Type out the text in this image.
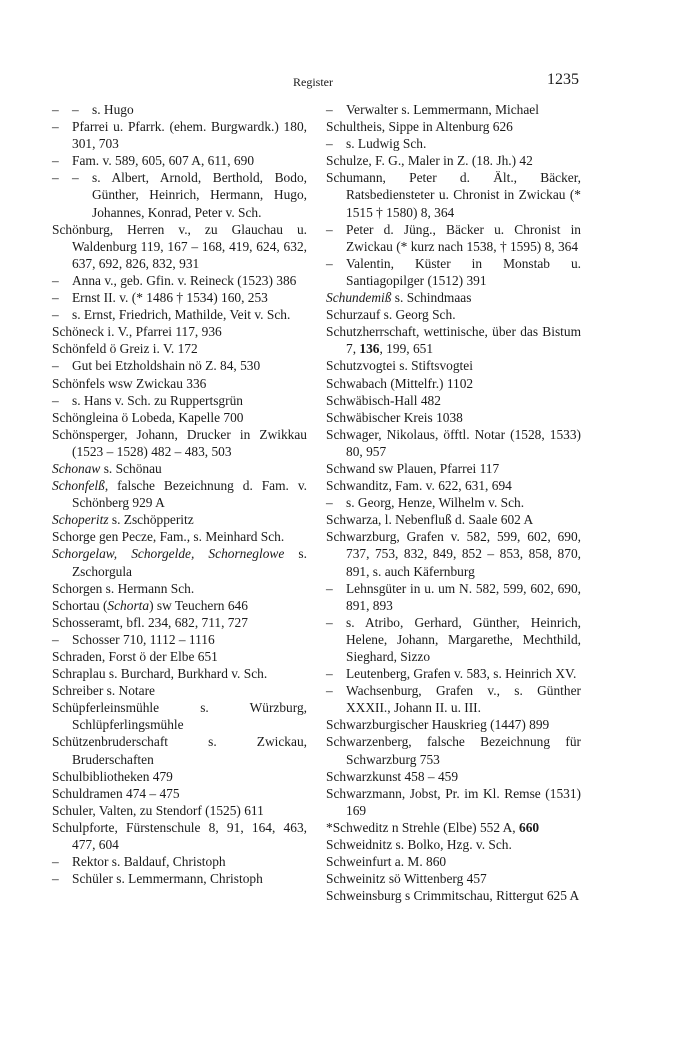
Register	1235
– – s. Hugo
– Pfarrei u. Pfarrk. (ehem. Burgwardk.) 180, 301, 703
– Fam. v. 589, 605, 607 A, 611, 690
– – s. Albert, Arnold, Berthold, Bodo, Günther, Heinrich, Hermann, Hugo, Johannes, Konrad, Peter v. Sch.
Schönburg, Herren v., zu Glauchau u. Waldenburg 119, 167 – 168, 419, 624, 632, 637, 692, 826, 832, 931
– Anna v., geb. Gfin. v. Reineck (1523) 386
– Ernst II. v. (* 1486 † 1534) 160, 253
– s. Ernst, Friedrich, Mathilde, Veit v. Sch.
Schöneck i. V., Pfarrei 117, 936
Schönfeld ö Greiz i. V. 172
– Gut bei Etzholdshain nö Z. 84, 530
Schönfels wsw Zwickau 336
– s. Hans v. Sch. zu Ruppertsgrün
Schöngleina ö Lobeda, Kapelle 700
Schönsperger, Johann, Drucker in Zwikkau (1523 – 1528) 482 – 483, 503
Schonaw s. Schönau
Schonfelß, falsche Bezeichnung d. Fam. v. Schönberg 929 A
Schoperitz s. Zschöpperitz
Schorge gen Pecze, Fam., s. Meinhard Sch.
Schorgelaw, Schorgelde, Schorneglowe s. Zschorgula
Schorgen s. Hermann Sch.
Schortau (Schorta) sw Teuchern 646
Schosseramt, bfl. 234, 682, 711, 727
– Schosser 710, 1112 – 1116
Schraden, Forst ö der Elbe 651
Schraplau s. Burchard, Burkhard v. Sch.
Schreiber s. Notare
Schüpferleinsmühle s. Würzburg, Schlüpferlingsmühle
Schützenbruderschaft s. Zwickau, Bruderschaften
Schulbibliotheken 479
Schuldramen 474 – 475
Schuler, Valten, zu Stendorf (1525) 611
Schulpforte, Fürstenschule 8, 91, 164, 463, 477, 604
– Rektor s. Baldauf, Christoph
– Schüler s. Lemmermann, Christoph
– Verwalter s. Lemmermann, Michael
Schultheis, Sippe in Altenburg 626
– s. Ludwig Sch.
Schulze, F. G., Maler in Z. (18. Jh.) 42
Schumann, Peter d. Ält., Bäcker, Ratsbediensteter u. Chronist in Zwickau (* 1515 † 1580) 8, 364
– Peter d. Jüng., Bäcker u. Chronist in Zwickau (* kurz nach 1538, † 1595) 8, 364
– Valentin, Küster in Monstab u. Santiagopilger (1512) 391
Schundemiß s. Schindmaas
Schurzauf s. Georg Sch.
Schutzherrschaft, wettinische, über das Bistum 7, 136, 199, 651
Schutzvogtei s. Stiftsvogtei
Schwabach (Mittelfr.) 1102
Schwäbisch-Hall 482
Schwäbischer Kreis 1038
Schwager, Nikolaus, öfftl. Notar (1528, 1533) 80, 957
Schwand sw Plauen, Pfarrei 117
Schwanditz, Fam. v. 622, 631, 694
– s. Georg, Henze, Wilhelm v. Sch.
Schwarza, l. Nebenfluß d. Saale 602 A
Schwarzburg, Grafen v. 582, 599, 602, 690, 737, 753, 832, 849, 852 – 853, 858, 870, 891, s. auch Käfernburg
– Lehnsgüter in u. um N. 582, 599, 602, 690, 891, 893
– s. Atribo, Gerhard, Günther, Heinrich, Helene, Johann, Margarethe, Mechthild, Sieghard, Sizzo
– Leutenberg, Grafen v. 583, s. Heinrich XV.
– Wachsenburg, Grafen v., s. Günther XXXII., Johann II. u. III.
Schwarzburgischer Hauskrieg (1447) 899
Schwarzenberg, falsche Bezeichnung für Schwarzburg 753
Schwarzkunst 458 – 459
Schwarzmann, Jobst, Pr. im Kl. Remse (1531) 169
*Schweditz n Strehle (Elbe) 552 A, 660
Schweidnitz s. Bolko, Hzg. v. Sch.
Schweinfurt a. M. 860
Schweinitz sö Wittenberg 457
Schweinsburg s Crimmitschau, Rittergut 625 A
